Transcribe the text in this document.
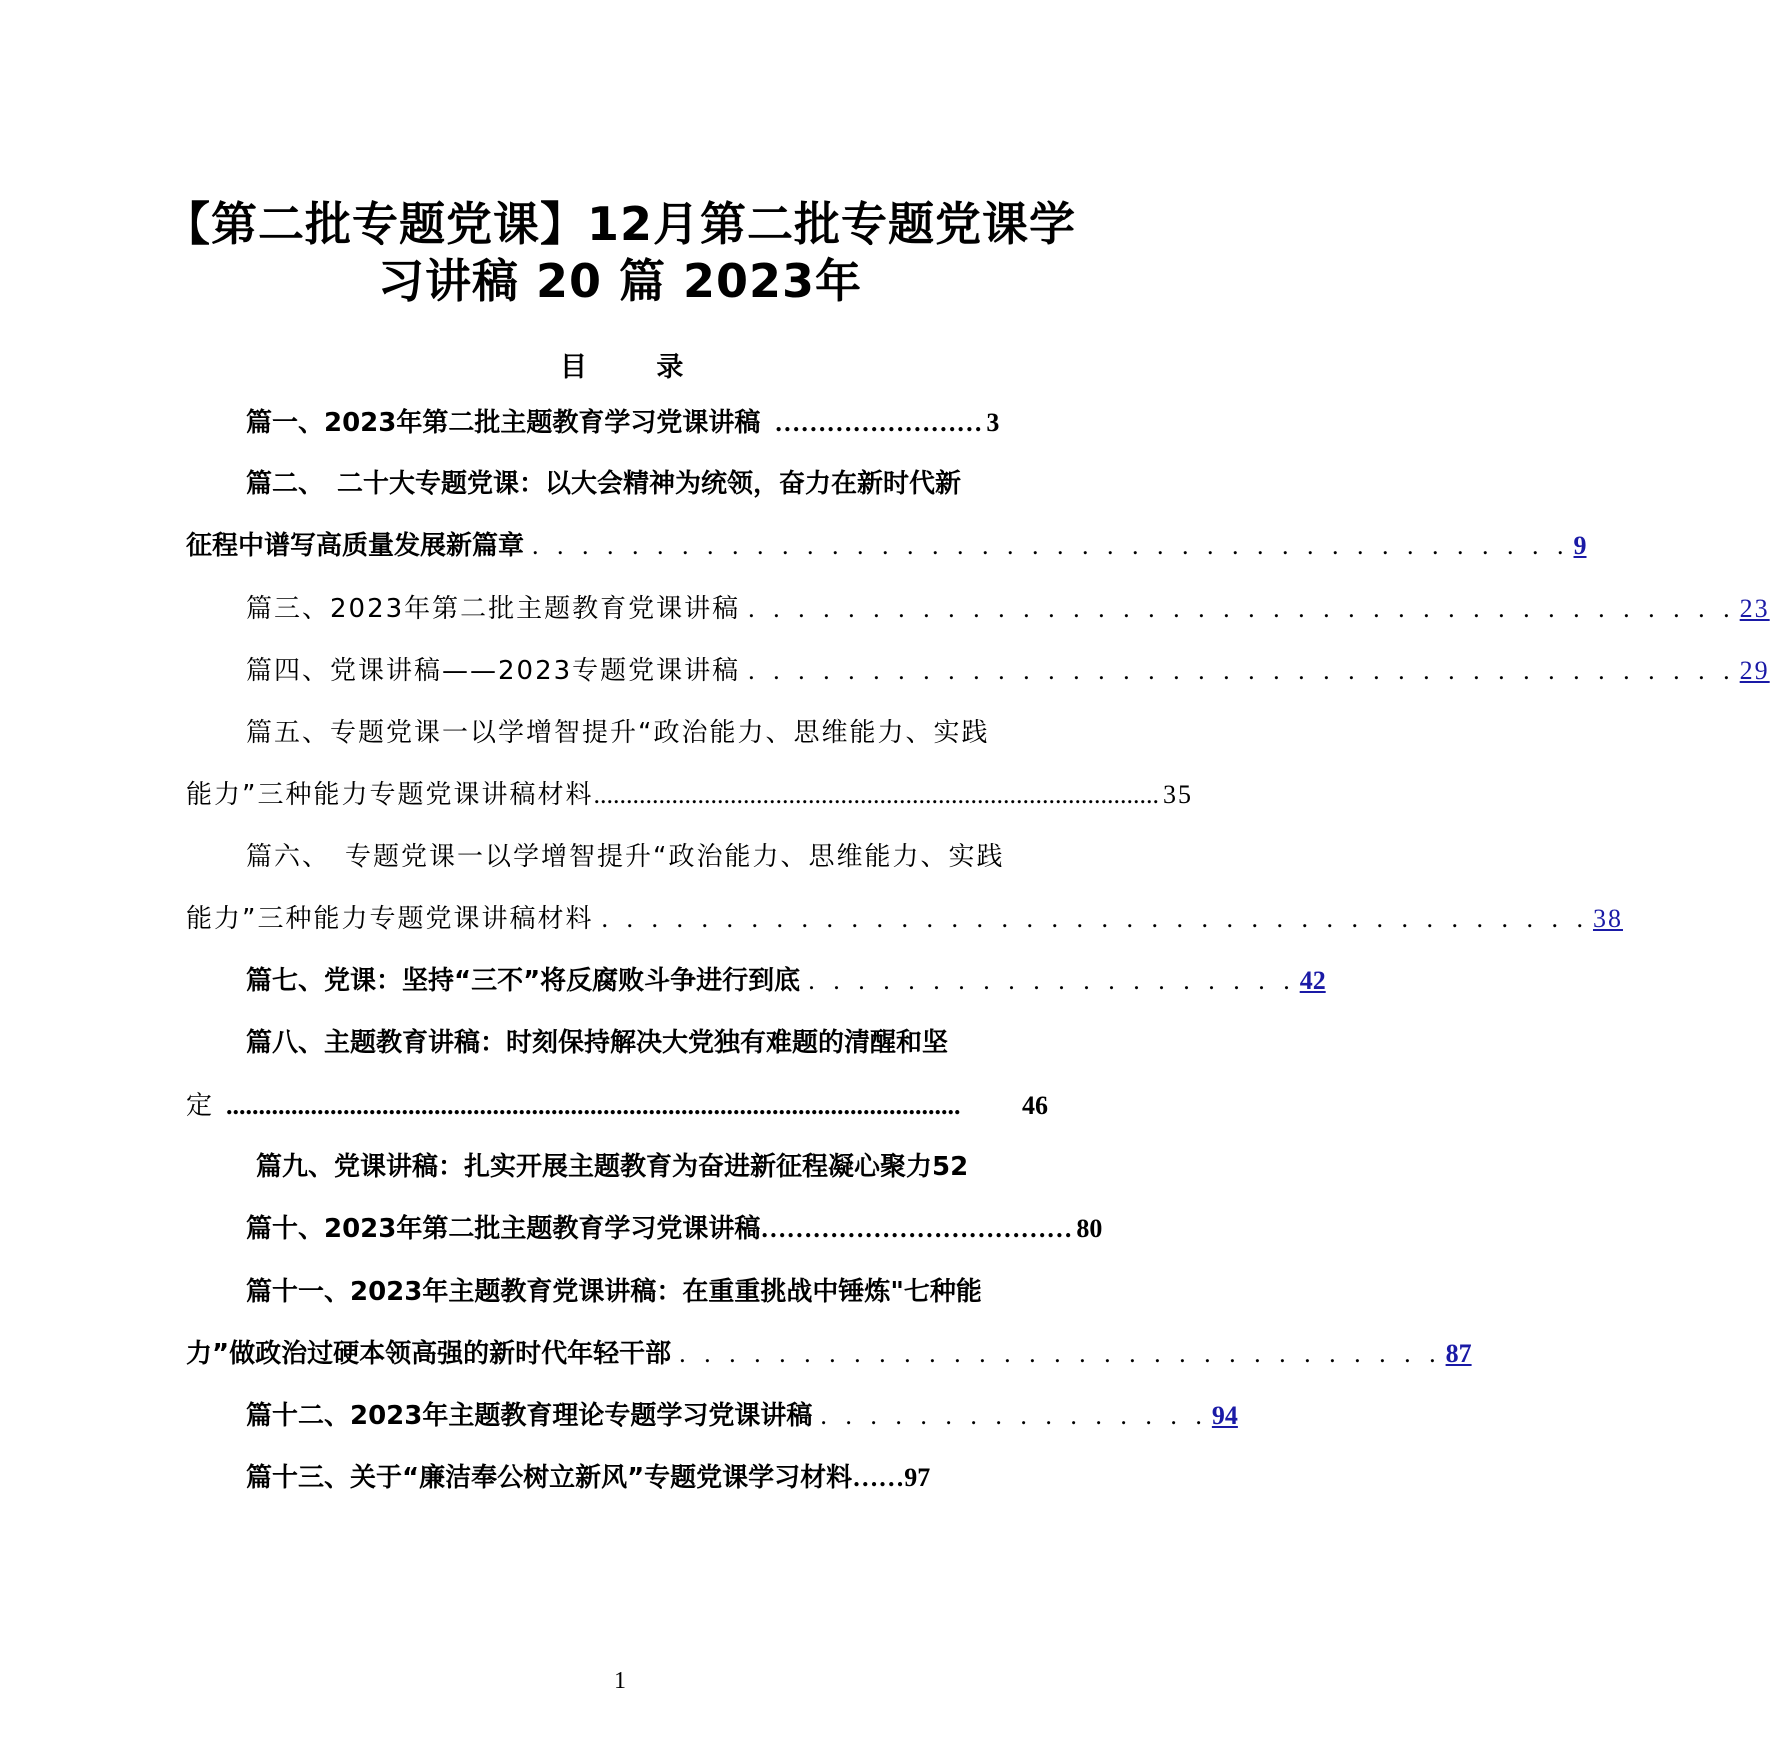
【第二批专题党课】12月第二批专题党课学
习讲稿 20 篇 2023年
目 录
篇一、2023年第二批主题教育学习党课讲稿 …………………… 3
篇二、　二十大专题党课：以大会精神为统领，奋力在新时代新
征程中谱写高质量发展新篇章 . . . . . . . . . . . . . . . . . . . . . . . . . . . . . . . . . . . . . . . . . . 9
篇三、2023年第二批主题教育党课讲稿 . . . . . . . . . . . . . . . . . . . . . . . . . . . . . . . . . . . . . . . . 23
篇四、党课讲稿——2023专题党课讲稿 . . . . . . . . . . . . . . . . . . . . . . . . . . . . . . . . . . . . . . . . 29
篇五、专题党课一以学增智提升“政治能力、思维能力、实践
能力”三种能力专题党课讲稿材料 ....................................................................................... 35
篇六、　专题党课一以学增智提升“政治能力、思维能力、实践
能力”三种能力专题党课讲稿材料 . . . . . . . . . . . . . . . . . . . . . . . . . . . . . . . . . . . . . . . . 38
篇七、党课：坚持“三不”将反腐败斗争进行到底 . . . . . . . . . . . . . . . . . . . . 42
篇八、主题教育讲稿：时刻保持解决大党独有难题的清醒和坚
定 .................................................................................................................	46
篇九、党课讲稿：扎实开展主题教育为奋进新征程凝心聚力52
篇十、2023年第二批主题教育学习党课讲稿 ……………………………… 80
篇十一、2023年主题教育党课讲稿：在重重挑战中锤炼"七种能
力”做政治过硬本领高强的新时代年轻干部 . . . . . . . . . . . . . . . . . . . . . . . . . . . . . . . 87
篇十二、2023年主题教育理论专题学习党课讲稿 . . . . . . . . . . . . . . . . 94
篇十三、关于“廉洁奉公树立新风”专题党课学习材料 …… 97
1
